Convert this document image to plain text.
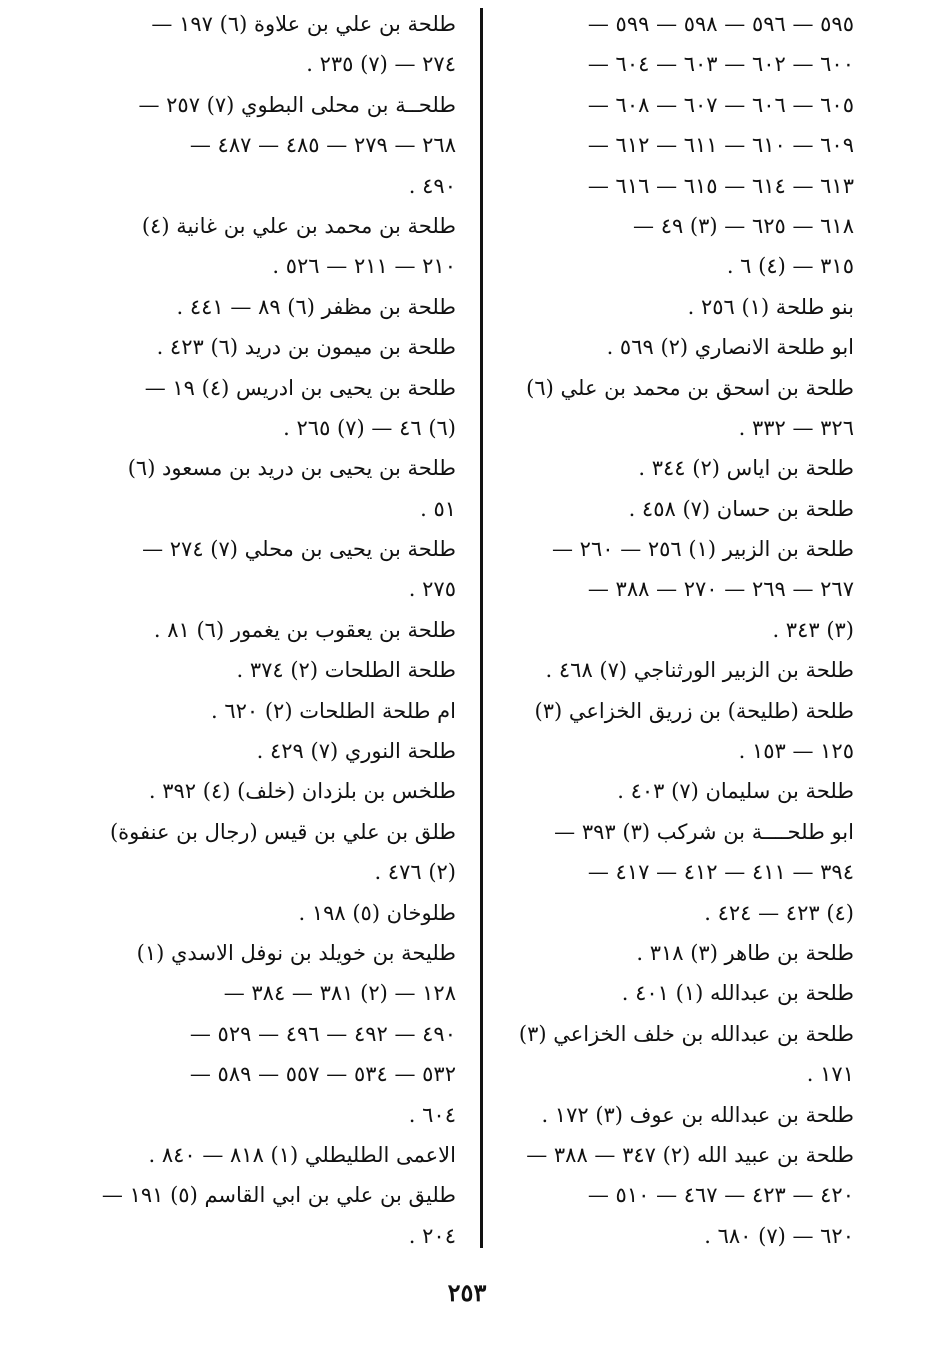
٥٩٥ — ٥٩٦ — ٥٩٨ — ٥٩٩ —
٦٠٠ — ٦٠٢ — ٦٠٣ — ٦٠٤ —
٦٠٥ — ٦٠٦ — ٦٠٧ — ٦٠٨ —
٦٠٩ — ٦١٠ — ٦١١ — ٦١٢ —
٦١٣ — ٦١٤ — ٦١٥ — ٦١٦ —
٦١٨ — ٦٢٥ — (٣) ٤٩ —
٣١٥ — (٤) ٦ .
بنو طلحة (١) ٢٥٦ .
ابو طلحة الانصاري (٢) ٥٦٩ .
طلحة بن اسحق بن محمد بن علي (٦)
٣٢٦ — ٣٣٢ .
طلحة بن اياس (٢) ٣٤٤ .
طلحة بن حسان (٧) ٤٥٨ .
طلحة بن الزبير (١) ٢٥٦ — ٢٦٠ —
٢٦٧ — ٢٦٩ — ٢٧٠ — ٣٨٨ —
(٣) ٣٤٣ .
طلحة بن الزبير الورثناجي (٧) ٤٦٨ .
طلحة (طليحة) بن زريق الخزاعي (٣)
١٢٥ — ١٥٣ .
طلحة بن سليمان (٧) ٤٠٣ .
ابو طلحــــة بن شركب (٣) ٣٩٣ —
٣٩٤ — ٤١١ — ٤١٢ — ٤١٧ —
(٤) ٤٢٣ — ٤٢٤ .
طلحة بن طاهر (٣) ٣١٨ .
طلحة بن عبدالله (١) ٤٠١ .
طلحة بن عبدالله بن خلف الخزاعي (٣)
١٧١ .
طلحة بن عبدالله بن عوف (٣) ١٧٢ .
طلحة بن عبيد الله (٢) ٣٤٧ — ٣٨٨ —
٤٢٠ — ٤٢٣ — ٤٦٧ — ٥١٠ —
٦٢٠ — (٧) ٦٨٠ .
طلحة بن علي بن علاوة (٦) ١٩٧ —
٢٧٤ — (٧) ٢٣٥ .
طلحــة بن محلى البطوي (٧) ٢٥٧ —
٢٦٨ — ٢٧٩ — ٤٨٥ — ٤٨٧ —
٤٩٠ .
طلحة بن محمد بن علي بن غانية (٤)
٢١٠ — ٢١١ — ٥٢٦ .
طلحة بن مظفر (٦) ٨٩ — ٤٤١ .
طلحة بن ميمون بن دريد (٦) ٤٢٣ .
طلحة بن يحيى بن ادريس (٤) ١٩ —
(٦) ٤٦ — (٧) ٢٦٥ .
طلحة بن يحيى بن دريد بن مسعود (٦)
٥١ .
طلحة بن يحيى بن محلي (٧) ٢٧٤ —
٢٧٥ .
طلحة بن يعقوب بن يغمور (٦) ٨١ .
طلحة الطلحات (٢) ٣٧٤ .
ام طلحة الطلحات (٢) ٦٢٠ .
طلحة النوري (٧) ٤٢٩ .
طلخس بن بلزدان (خلف) (٤) ٣٩٢ .
طلق بن علي بن قيس (رجال بن عنفوة)
(٢) ٤٧٦ .
طلوخان (٥) ١٩٨ .
طليحة بن خويلد بن نوفل الاسدي (١)
١٢٨ — (٢) ٣٨١ — ٣٨٤ —
٤٩٠ — ٤٩٢ — ٤٩٦ — ٥٢٩ —
٥٣٢ — ٥٣٤ — ٥٥٧ — ٥٨٩ —
٦٠٤ .
الاعمى الطليطلي (١) ٨١٨ — ٨٤٠ .
طليق بن علي بن ابي القاسم (٥) ١٩١ —
٢٠٤ .
٢٥٣
